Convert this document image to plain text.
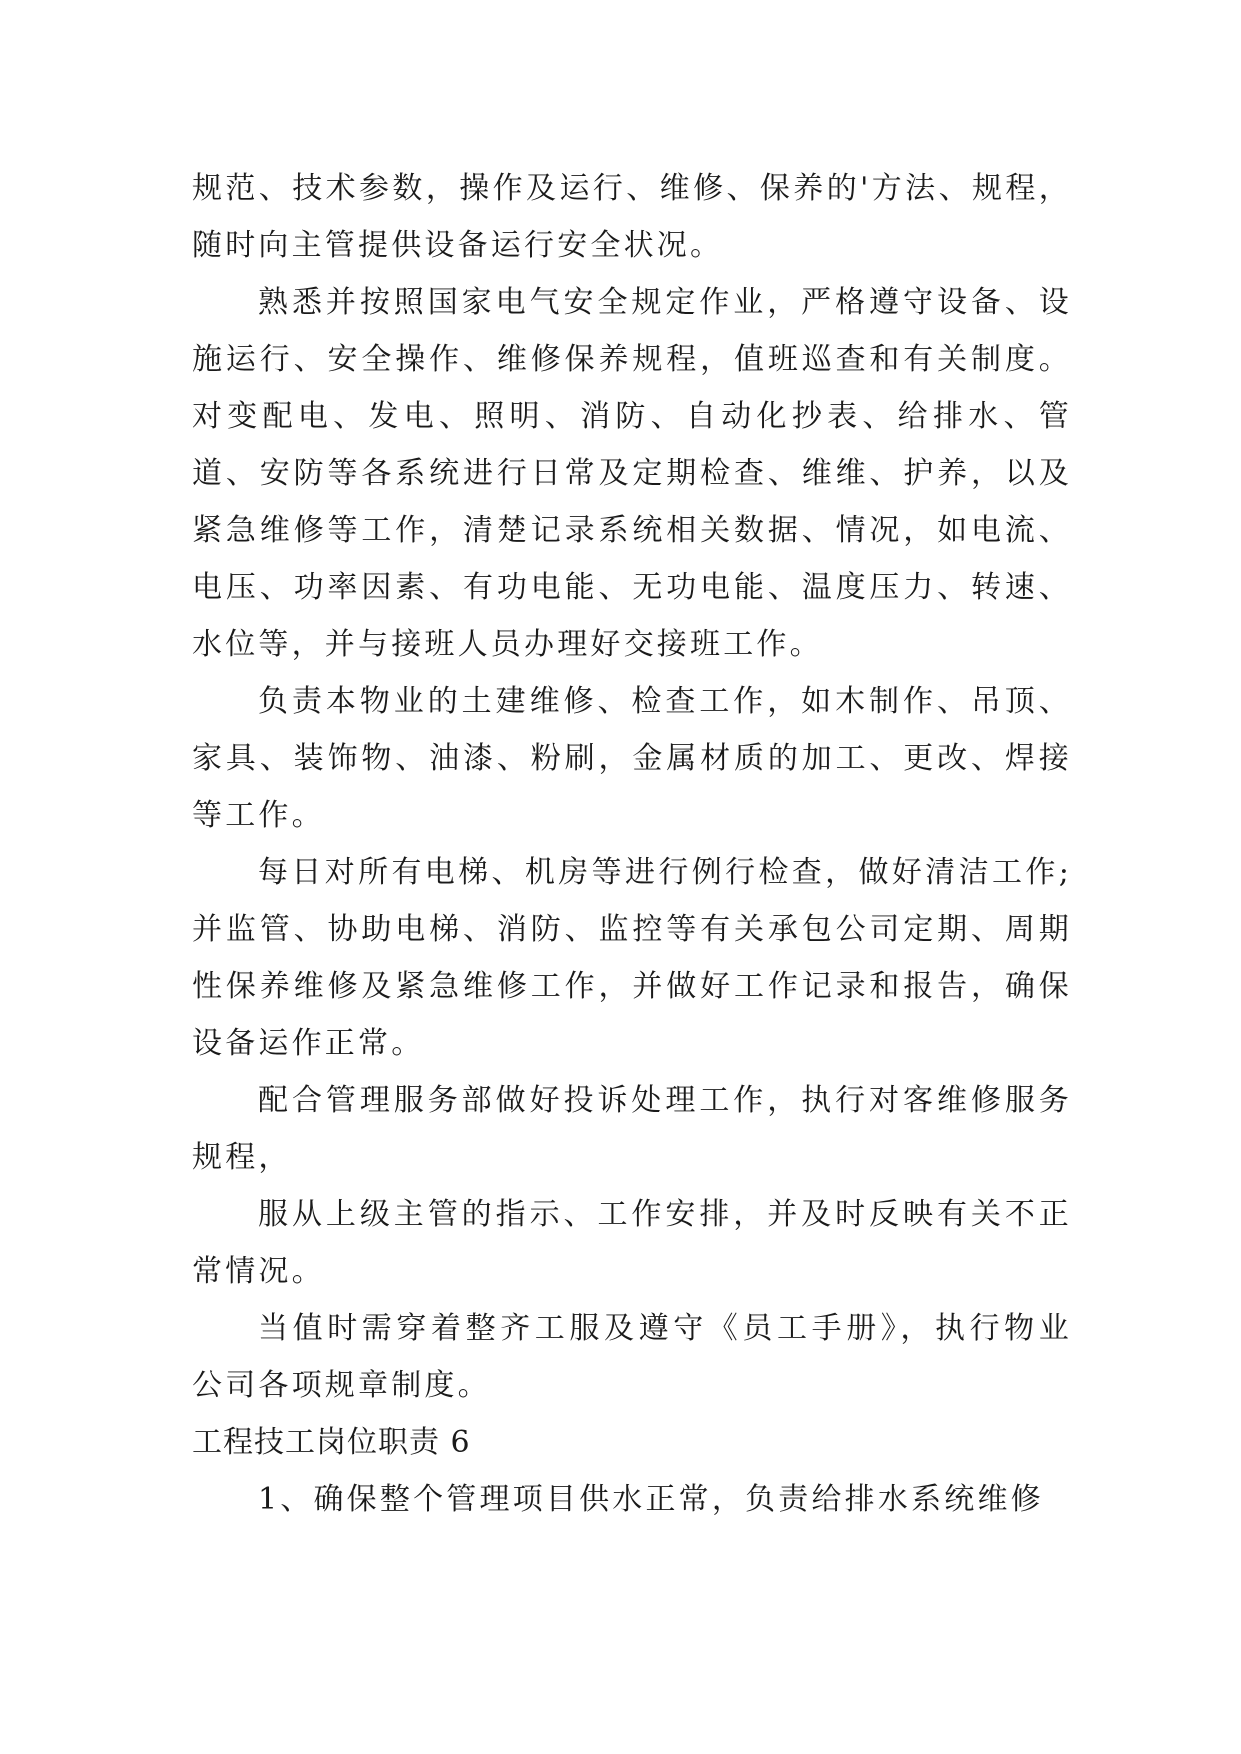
规范、技术参数，操作及运行、维修、保养的'方法、规程，随时向主管提供设备运行安全状况。

熟悉并按照国家电气安全规定作业，严格遵守设备、设施运行、安全操作、维修保养规程，值班巡查和有关制度。对变配电、发电、照明、消防、自动化抄表、给排水、管道、安防等各系统进行日常及定期检查、维维、护养，以及紧急维修等工作，清楚记录系统相关数据、情况，如电流、电压、功率因素、有功电能、无功电能、温度压力、转速、水位等，并与接班人员办理好交接班工作。

负责本物业的土建维修、检查工作，如木制作、吊顶、家具、装饰物、油漆、粉刷，金属材质的加工、更改、焊接等工作。

每日对所有电梯、机房等进行例行检查，做好清洁工作;并监管、协助电梯、消防、监控等有关承包公司定期、周期性保养维修及紧急维修工作，并做好工作记录和报告，确保设备运作正常。

配合管理服务部做好投诉处理工作，执行对客维修服务规程，

服从上级主管的指示、工作安排，并及时反映有关不正常情况。

当值时需穿着整齐工服及遵守《员工手册》，执行物业公司各项规章制度。

工程技工岗位职责 6

1、确保整个管理项目供水正常，负责给排水系统维修
